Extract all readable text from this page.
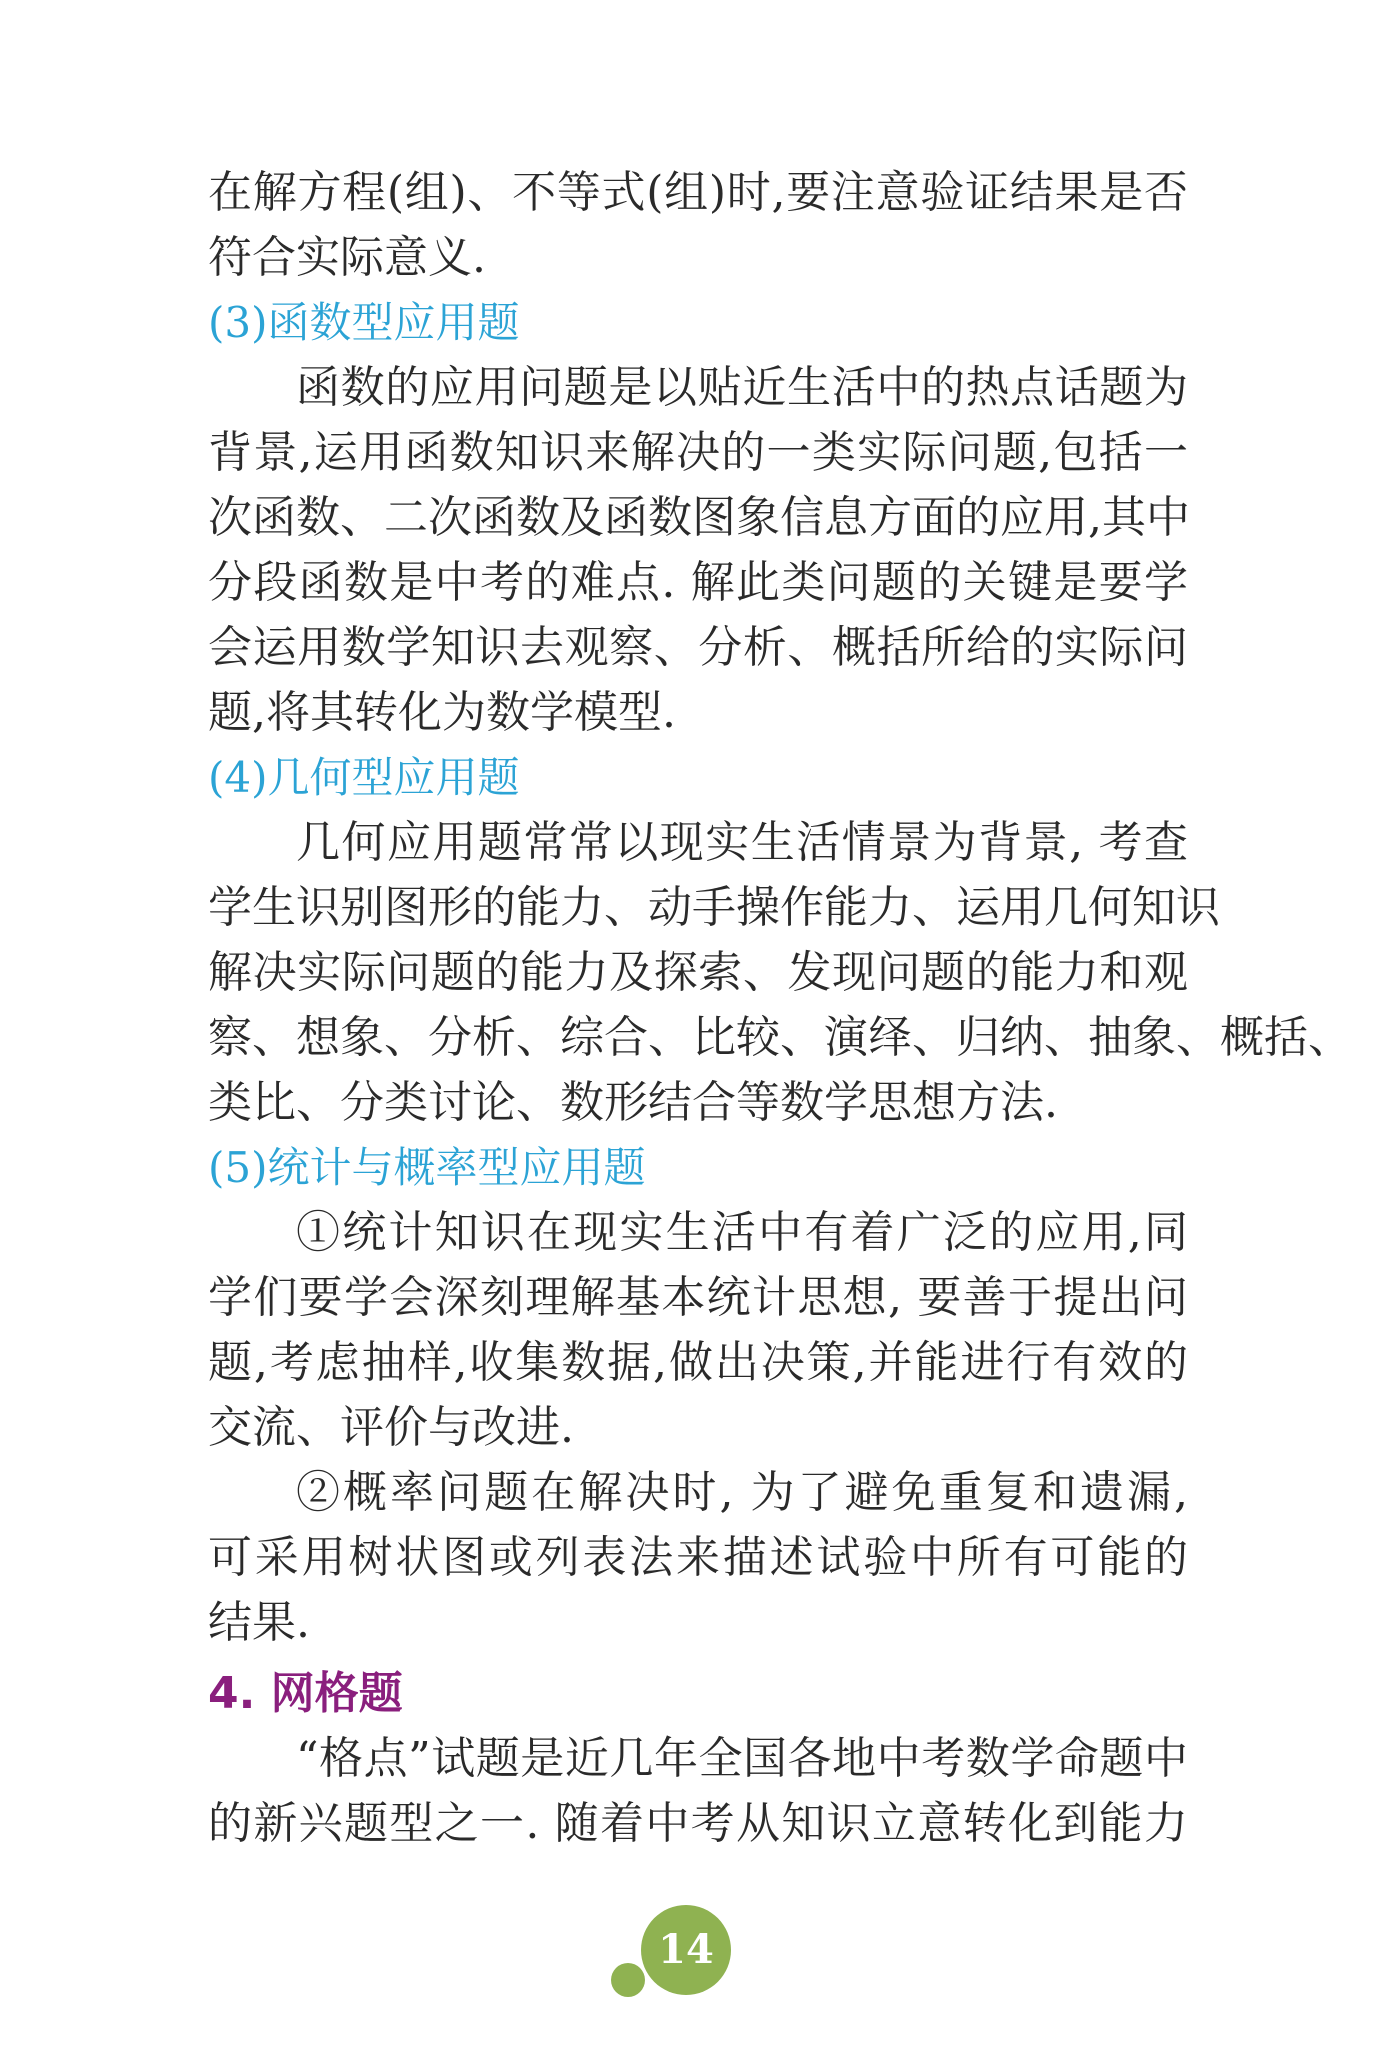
在解方程(组)、不等式(组)时,要注意验证结果是否
符合实际意义.
(3)函数型应用题
函数的应用问题是以贴近生活中的热点话题为
背景,运用函数知识来解决的一类实际问题,包括一
次函数、二次函数及函数图象信息方面的应用,其中
分段函数是中考的难点. 解此类问题的关键是要学
会运用数学知识去观察、分析、概括所给的实际问
题,将其转化为数学模型.
(4)几何型应用题
几何应用题常常以现实生活情景为背景, 考查
学生识别图形的能力、动手操作能力、运用几何知识
解决实际问题的能力及探索、发现问题的能力和观
察、想象、分析、综合、比较、演绎、归纳、抽象、概括、
类比、分类讨论、数形结合等数学思想方法.
(5)统计与概率型应用题
①统计知识在现实生活中有着广泛的应用,同
学们要学会深刻理解基本统计思想, 要善于提出问
题,考虑抽样,收集数据,做出决策,并能进行有效的
交流、评价与改进.
②概率问题在解决时, 为了避免重复和遗漏,
可采用树状图或列表法来描述试验中所有可能的
结果.
4. 网格题
“格点”试题是近几年全国各地中考数学命题中
的新兴题型之一. 随着中考从知识立意转化到能力
14
